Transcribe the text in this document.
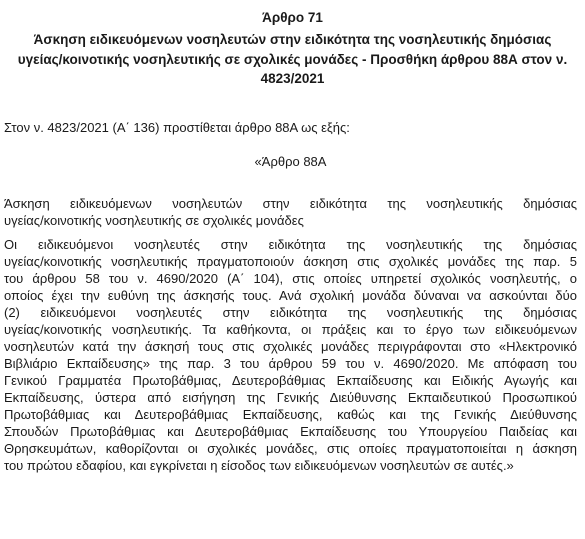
Άρθρο 71
Άσκηση ειδικευόμενων νοσηλευτών στην ειδικότητα της νοσηλευτικής δημόσιας
υγείας/κοινοτικής νοσηλευτικής σε σχολικές μονάδες - Προσθήκη άρθρου 88Α στον ν.
4823/2021
Στον ν. 4823/2021 (Α΄ 136) προστίθεται άρθρο 88Α ως εξής:
«Άρθρο 88Α
Άσκηση ειδικευόμενων νοσηλευτών στην ειδικότητα της νοσηλευτικής δημόσιας
υγείας/κοινοτικής νοσηλευτικής σε σχολικές μονάδες
Οι ειδικευόμενοι νοσηλευτές στην ειδικότητα της νοσηλευτικής της δημόσιας
υγείας/κοινοτικής νοσηλευτικής πραγματοποιούν άσκηση στις σχολικές μονάδες της παρ. 5
του άρθρου 58 του ν. 4690/2020 (Α΄ 104), στις οποίες υπηρετεί σχολικός νοσηλευτής, ο
οποίος έχει την ευθύνη της άσκησής τους. Ανά σχολική μονάδα δύναναι να ασκούνται δύο
(2) ειδικευόμενοι νοσηλευτές στην ειδικότητα της νοσηλευτικής της δημόσιας
υγείας/κοινοτικής νοσηλευτικής. Τα καθήκοντα, οι πράξεις και το έργο των ειδικευόμενων
νοσηλευτών κατά την άσκησή τους στις σχολικές μονάδες περιγράφονται στο «Ηλεκτρονικό
Βιβλιάριο Εκπαίδευσης» της παρ. 3 του άρθρου 59 του ν. 4690/2020. Με απόφαση του
Γενικού Γραμματέα Πρωτοβάθμιας, Δευτεροβάθμιας Εκπαίδευσης και Ειδικής Αγωγής και
Εκπαίδευσης, ύστερα από εισήγηση της Γενικής Διεύθυνσης Εκπαιδευτικού Προσωπικού
Πρωτοβάθμιας και Δευτεροβάθμιας Εκπαίδευσης, καθώς και της Γενικής Διεύθυνσης
Σπουδών Πρωτοβάθμιας και Δευτεροβάθμιας Εκπαίδευσης του Υπουργείου Παιδείας και
Θρησκευμάτων, καθορίζονται οι σχολικές μονάδες, στις οποίες πραγματοποιείται η άσκηση
του πρώτου εδαφίου, και εγκρίνεται η είσοδος των ειδικευόμενων νοσηλευτών σε αυτές.»
